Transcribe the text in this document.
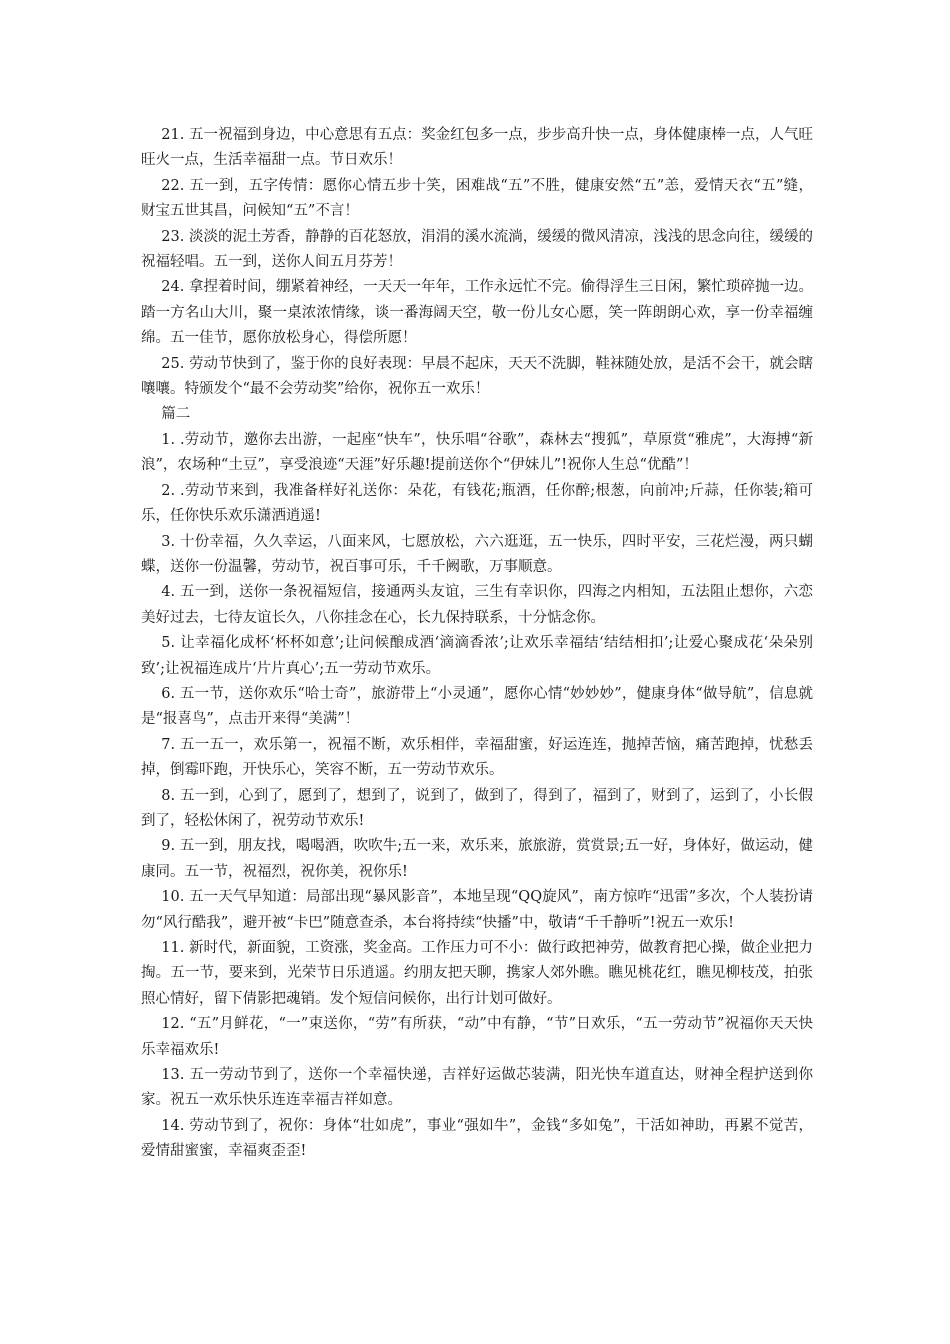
21. 五一祝福到身边，中心意思有五点：奖金红包多一点，步步高升快一点，身体健康棒一点，人气旺旺火一点，生活幸福甜一点。节日欢乐！

22. 五一到，五字传情：愿你心情五步十笑，困难战“五”不胜，健康安然“五”恙，爱情天衣“五”缝，财宝五世其昌，问候知“五”不言！

23. 淡淡的泥土芳香，静静的百花怒放，涓涓的溪水流淌，缓缓的微风清凉，浅浅的思念向往，缓缓的祝福轻唱。五一到，送你人间五月芬芳！

24. 拿捏着时间，绷紧着神经，一天天一年年，工作永远忙不完。偷得浮生三日闲，繁忙琐碎抛一边。踏一方名山大川，聚一桌浓浓情缘，谈一番海阔天空，敬一份儿女心愿，笑一阵朗朗心欢，享一份幸福缠绵。五一佳节，愿你放松身心，得偿所愿！

25. 劳动节快到了，鉴于你的良好表现：早晨不起床，天天不洗脚，鞋袜随处放，是活不会干，就会瞎嚷嚷。特颁发个“最不会劳动奖”给你，祝你五一欢乐！

篇二

1. .劳动节，邀你去出游，一起座“快车”，快乐唱“谷歌”，森林去“搜狐”，草原赏“雅虎”，大海搏“新浪”，农场种“土豆”，享受浪迹“天涯”好乐趣!提前送你个“伊妹儿”!祝你人生总“优酷”！

2. .劳动节来到，我准备样好礼送你：朵花，有钱花;瓶酒，任你醉;根葱，向前冲;斤蒜，任你装;箱可乐，任你快乐欢乐潇洒逍遥!

3. 十份幸福，久久幸运，八面来风，七愿放松，六六逛逛，五一快乐，四时平安，三花烂漫，两只蝴蝶，送你一份温馨，劳动节，祝百事可乐，千千阙歌，万事顺意。

4. 五一到，送你一条祝福短信，接通两头友谊，三生有幸识你，四海之内相知，五法阻止想你，六恋美好过去，七待友谊长久，八你挂念在心，长九保持联系，十分惦念你。

5. 让幸福化成杯‘杯杯如意’;让问候酿成酒‘滴滴香浓’;让欢乐幸福结‘结结相扣’;让爱心聚成花‘朵朵别致’;让祝福连成片‘片片真心’;五一劳动节欢乐。

6. 五一节，送你欢乐“哈士奇”，旅游带上“小灵通”，愿你心情“妙妙妙”，健康身体“做导航”，信息就是“报喜鸟”，点击开来得“美满”！

7. 五一五一，欢乐第一，祝福不断，欢乐相伴，幸福甜蜜，好运连连，抛掉苦恼，痛苦跑掉，忧愁丢掉，倒霉吓跑，开快乐心，笑容不断，五一劳动节欢乐。

8. 五一到，心到了，愿到了，想到了，说到了，做到了，得到了，福到了，财到了，运到了，小长假到了，轻松休闲了，祝劳动节欢乐!

9. 五一到，朋友找，喝喝酒，吹吹牛;五一来，欢乐来，旅旅游，赏赏景;五一好，身体好，做运动，健康同。五一节，祝福烈，祝你美，祝你乐!

10. 五一天气早知道：局部出现“暴风影音”，本地呈现“QQ旋风”，南方惊咋“迅雷”多次，个人装扮请勿“风行酷我”，避开被“卡巴”随意查杀，本台将持续“快播”中，敬请“千千静听”!祝五一欢乐!

11. 新时代，新面貌，工资涨，奖金高。工作压力可不小：做行政把神劳，做教育把心操，做企业把力掏。五一节，要来到，光荣节日乐逍遥。约朋友把天聊，携家人郊外瞧。瞧见桃花红，瞧见柳枝茂，拍张照心情好，留下倩影把魂销。发个短信问候你，出行计划可做好。

12. “五”月鲜花，“一”束送你，“劳”有所获，“动”中有静，“节”日欢乐，“五一劳动节”祝福你天天快乐幸福欢乐!

13. 五一劳动节到了，送你一个幸福快递，吉祥好运做芯装满，阳光快车道直达，财神全程护送到你家。祝五一欢乐快乐连连幸福吉祥如意。

14. 劳动节到了，祝你：身体“壮如虎”，事业“强如牛”，金钱“多如兔”，干活如神助，再累不觉苦，爱情甜蜜蜜，幸福爽歪歪!
